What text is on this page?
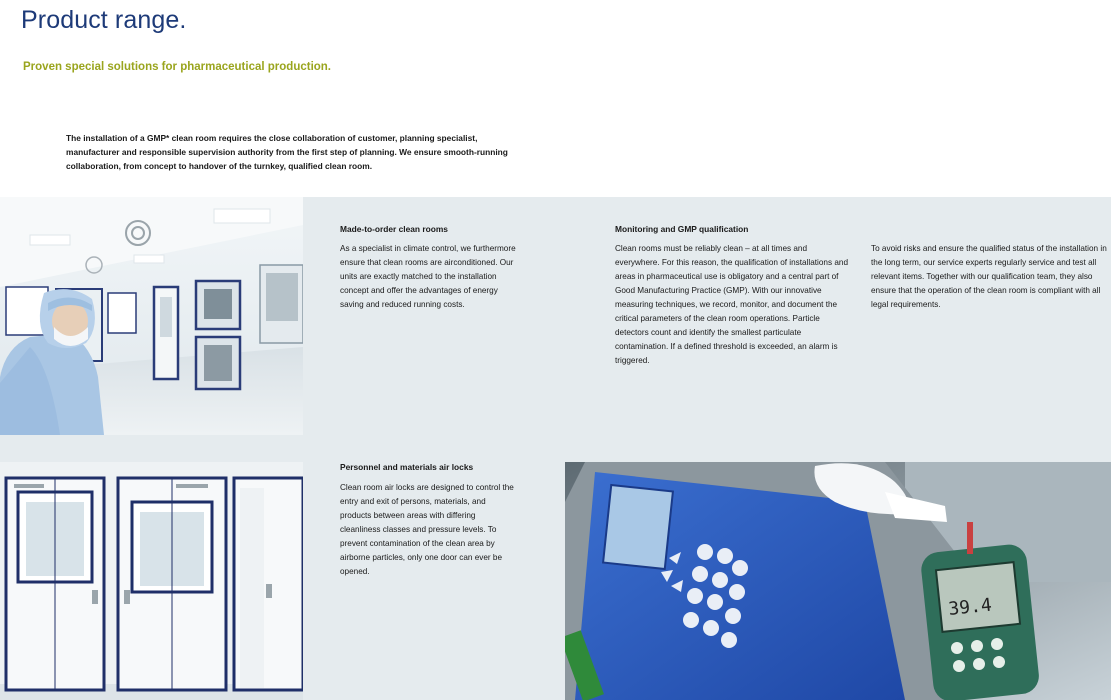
Product range.
Proven special solutions for pharmaceutical production.
The installation of a GMP* clean room requires the close collaboration of customer, planning specialist, manufacturer and responsible supervision authority from the first step of planning. We ensure smooth-running collaboration, from concept to handover of the turnkey, qualified clean room.
Made-to-order clean rooms
As a specialist in climate control, we furthermore ensure that clean rooms are airconditioned. Our units are exactly matched to the installation concept and offer the advantages of energy saving and reduced running costs.
Monitoring and GMP qualification
Clean rooms must be reliably clean – at all times and everywhere. For this reason, the qualification of installations and areas in pharmaceutical use is obligatory and a central part of Good Manufacturing Practice (GMP). With our innovative measuring techniques, we record, monitor, and document the critical parameters of the clean room operations. Particle detectors count and identify the smallest particulate contamination. If a defined threshold is exceeded, an alarm is triggered.
To avoid risks and ensure the qualified status of the installation in the long term, our service experts regularly service and test all relevant items. Together with our qualification team, they also ensure that the operation of the clean room is compliant with all legal requirements.
Personnel and materials air locks
Clean room air locks are designed to control the entry and exit of persons, materials, and products between areas with differing cleanliness classes and pressure levels. To prevent contamination of the clean area by airborne particles, only one door can ever be opened.
39.4
